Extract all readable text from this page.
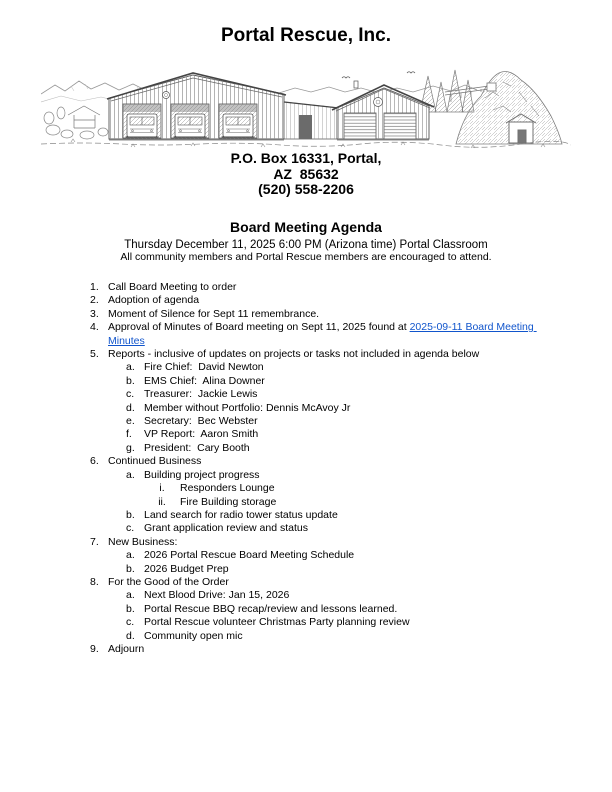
Portal Rescue, Inc.
P.O. Box 16331, Portal,
AZ  85632
(520) 558-2206
Board Meeting Agenda
Thursday December 11, 2025 6:00 PM (Arizona time) Portal Classroom
All community members and Portal Rescue members are encouraged to attend.
1. Call Board Meeting to order
2. Adoption of agenda
3. Moment of Silence for Sept 11 remembrance.
4. Approval of Minutes of Board meeting on Sept 11, 2025 found at 2025-09-11 Board Meeting Minutes
5. Reports - inclusive of updates on projects or tasks not included in agenda below
a. Fire Chief:  David Newton
b. EMS Chief:  Alina Downer
c. Treasurer:  Jackie Lewis
d. Member without Portfolio: Dennis McAvoy Jr
e. Secretary:  Bec Webster
f.	VP Report:  Aaron Smith
g. President:  Cary Booth
6. Continued Business
a. Building project progress
i.	Responders Lounge
ii.	Fire Building storage
b. Land search for radio tower status update
c. Grant application review and status
7. New Business:
a. 2026 Portal Rescue Board Meeting Schedule
b. 2026 Budget Prep
8. For the Good of the Order
a. Next Blood Drive: Jan 15, 2026
b. Portal Rescue BBQ recap/review and lessons learned.
c. Portal Rescue volunteer Christmas Party planning review
d. Community open mic
9. Adjourn
